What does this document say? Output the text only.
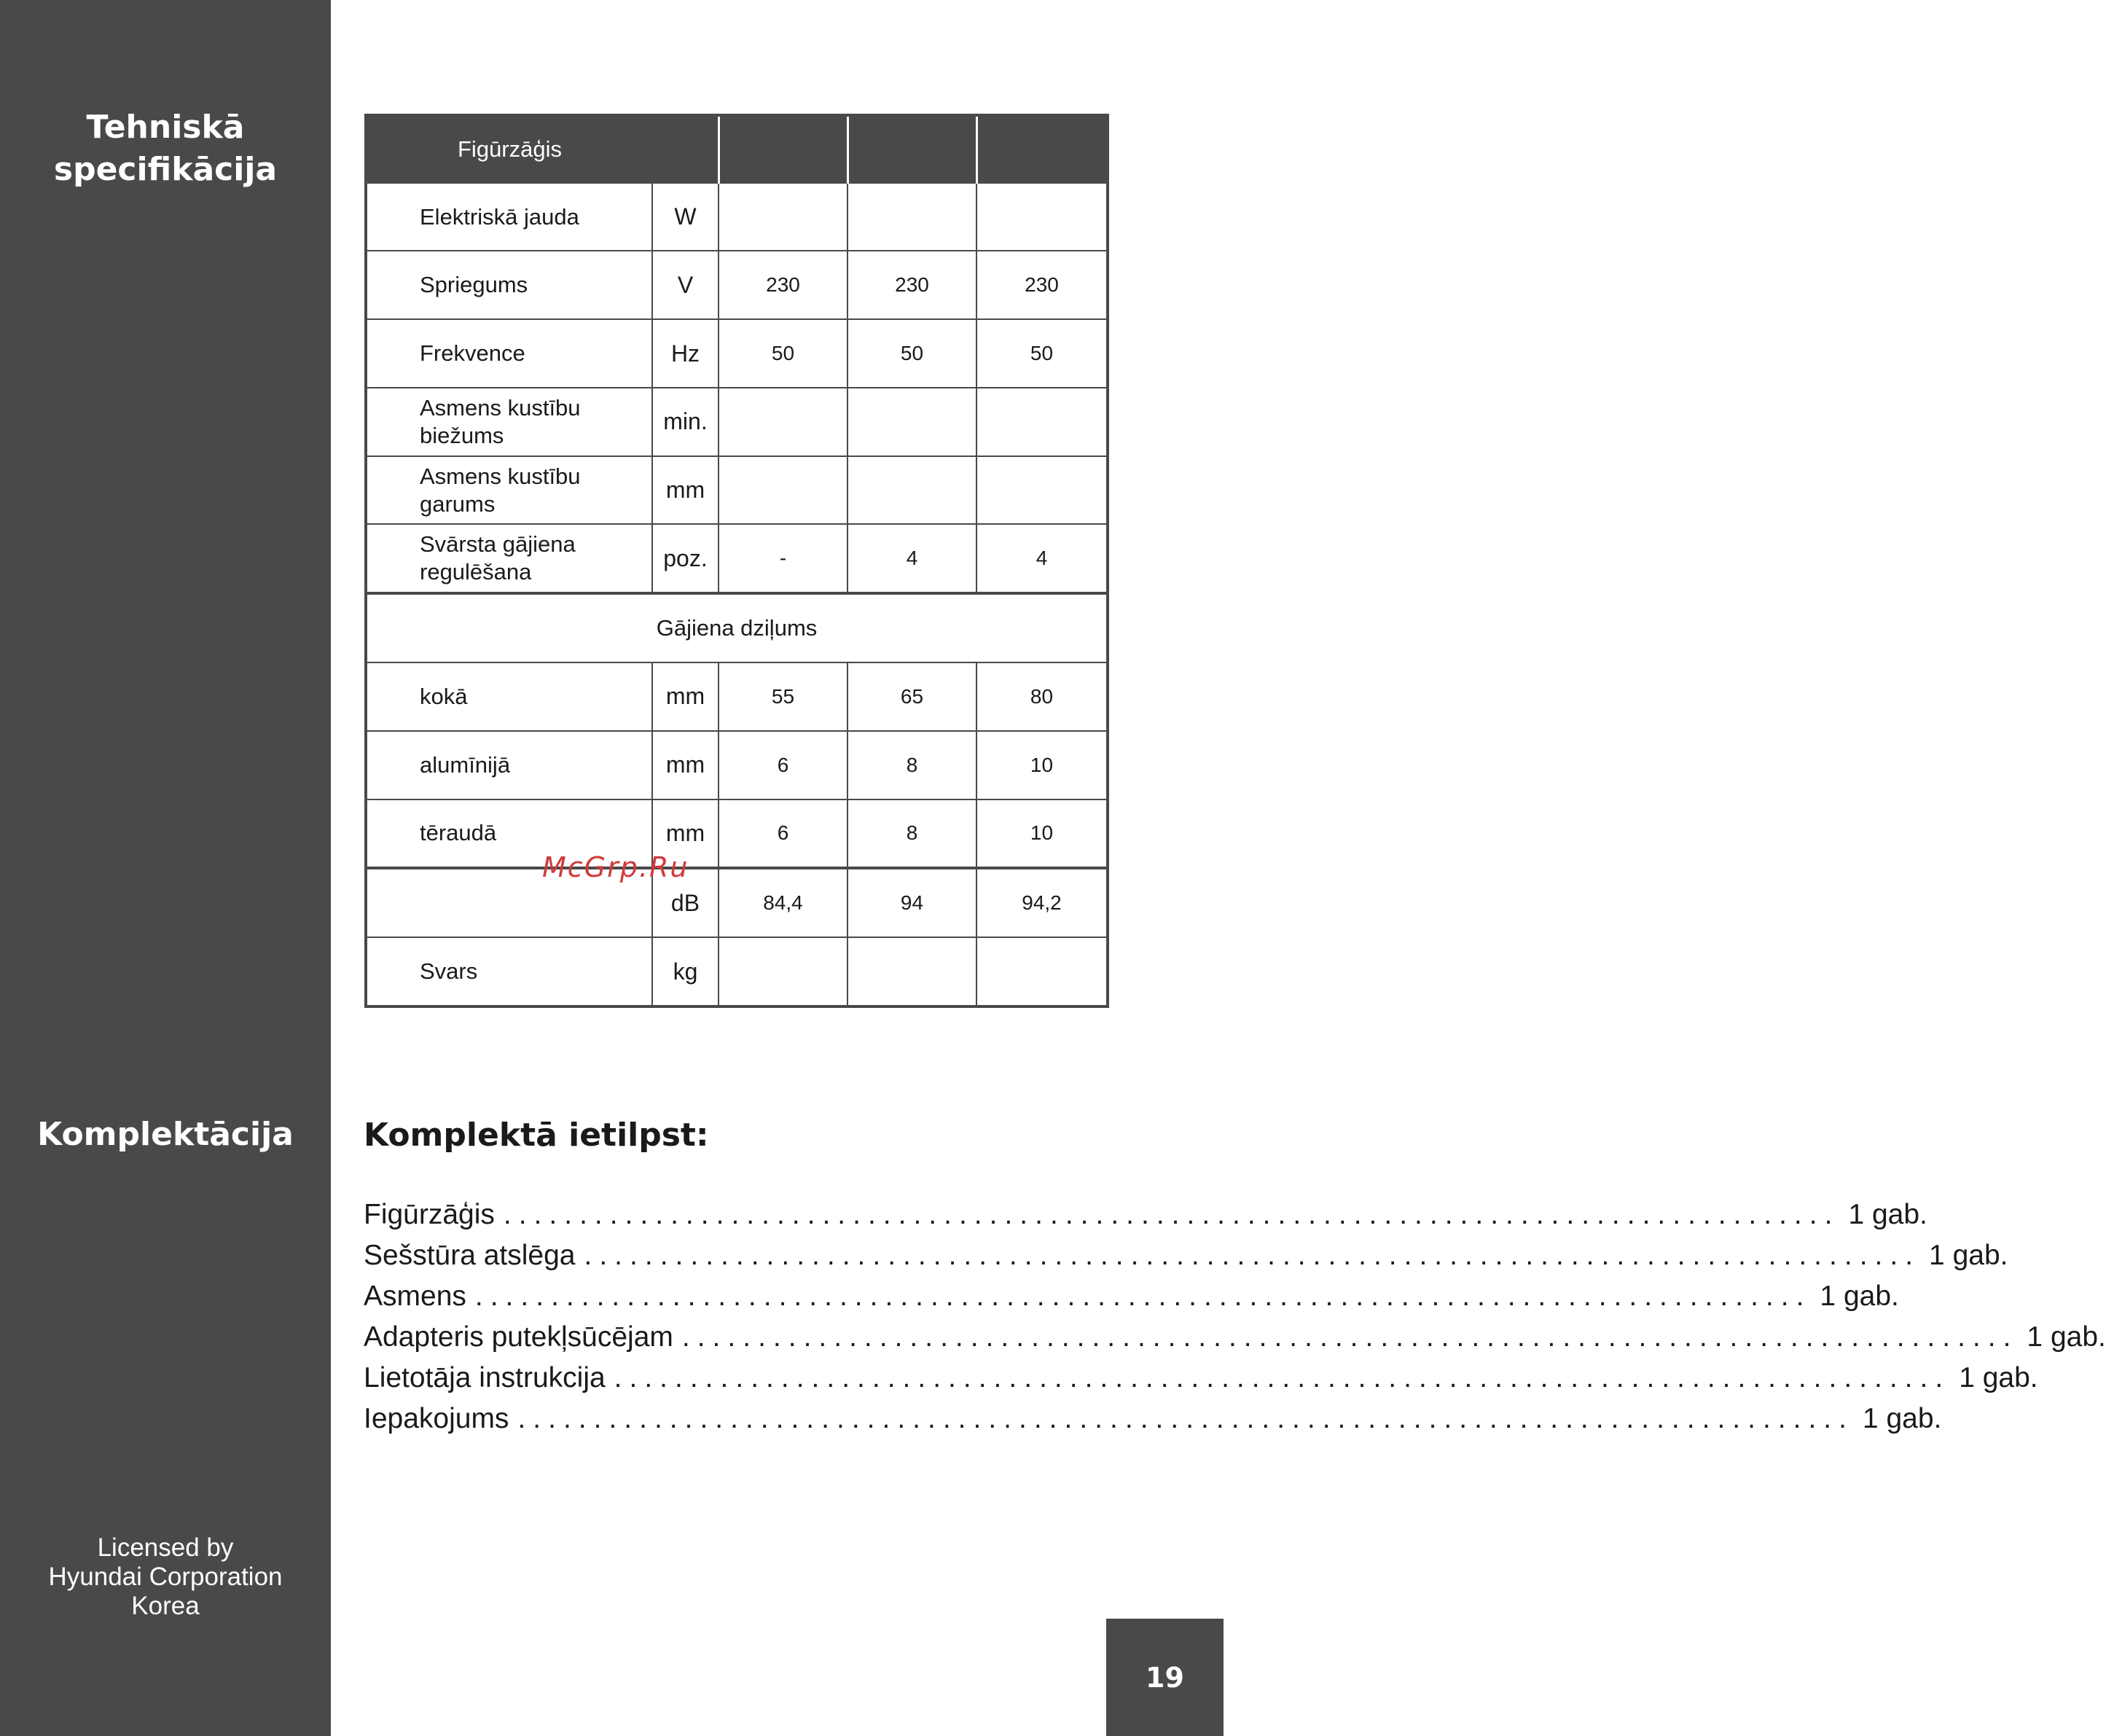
Tehniskā
specifikācija
Komplektācija
Licensed by
Hyundai Corporation
Korea
Figūrzāģis				
Elektriskā jauda	W			
Spriegums	V	230	230	230
Frekvence	Hz	50	50	50
Asmens kustību biežums	min.			
Asmens kustību garums	mm			
Svārsta gājiena regulēšana	poz.	-	4	4
Gājiena dziļums				
kokā	mm	55	65	80
alumīnijā	mm	6	8	10
tēraudā	mm	6	8	10
	dB	84,4	94	94,2
Svars	kg			
McGrp.Ru
Komplektā ietilpst:
Figūrzāģis ........................................................................................ 1 gab.
Sešstūra atslēga ........................................................................................ 1 gab.
Asmens ........................................................................................ 1 gab.
Adapteris putekļsūcējam ........................................................................................ 1 gab.
Lietotāja instrukcija ........................................................................................ 1 gab.
Iepakojums ........................................................................................ 1 gab.
19
